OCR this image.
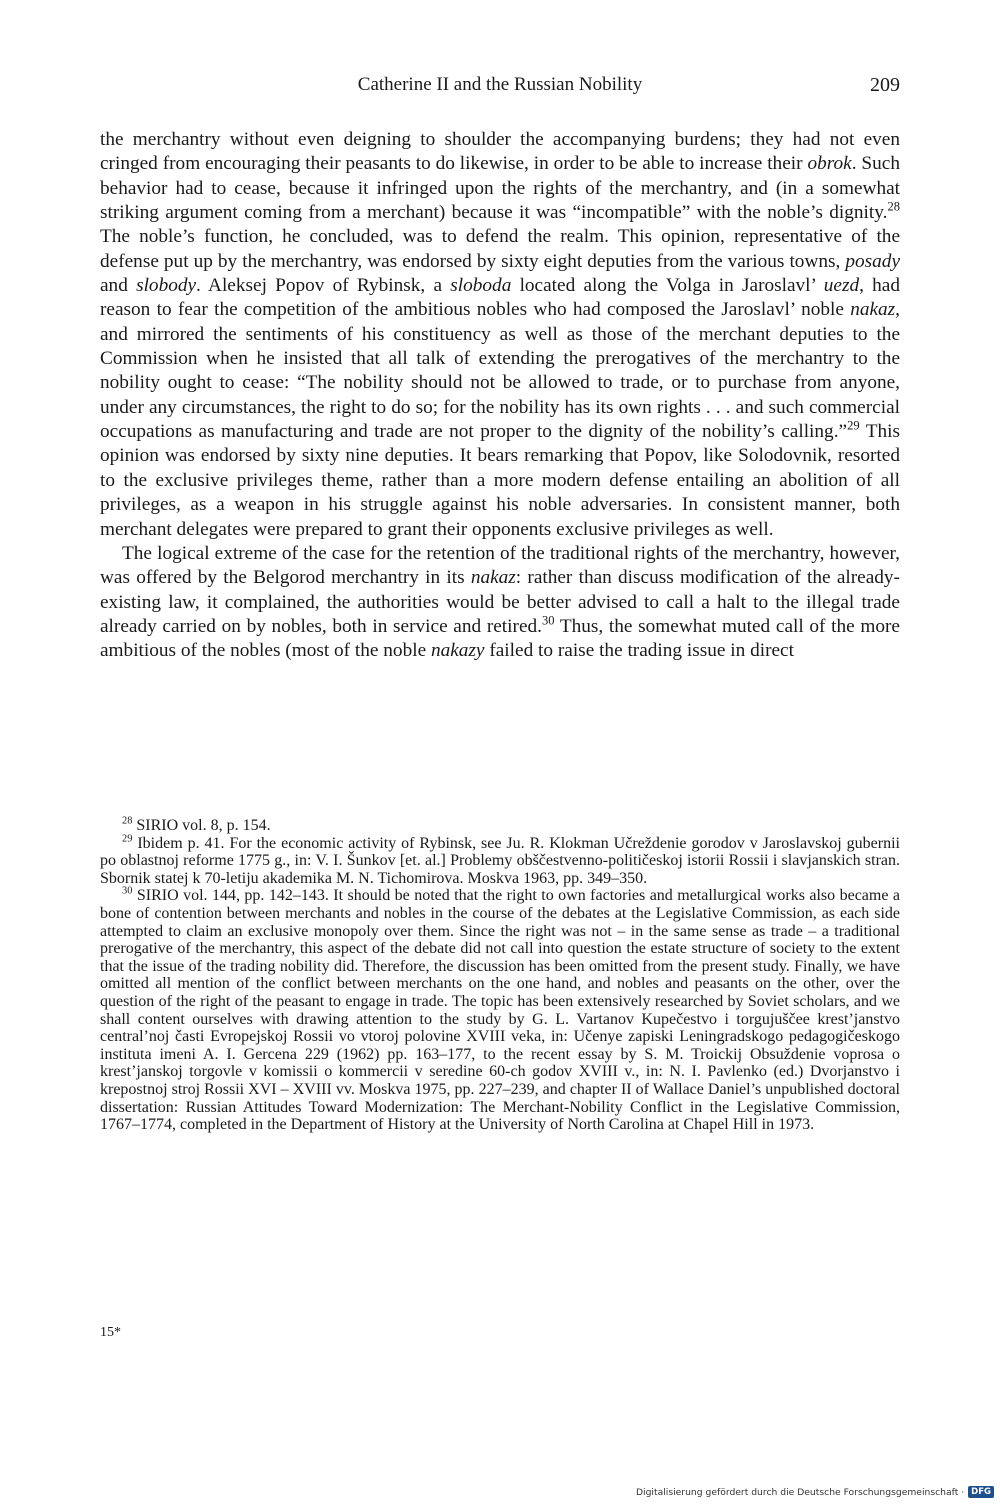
Catherine II and the Russian Nobility	209

the merchantry without even deigning to shoulder the accompanying burdens; they had not even cringed from encouraging their peasants to do likewise, in order to be able to increase their obrok. Such behavior had to cease, because it infringed upon the rights of the merchantry, and (in a somewhat striking argument coming from a merchant) because it was “incompatible” with the noble’s dignity.$^{28}$ The noble’s function, he concluded, was to defend the realm. This opinion, representative of the defense put up by the merchantry, was endorsed by sixty eight deputies from the various towns, posady and slobody. Aleksej Popov of Rybinsk, a sloboda located along the Volga in Jaroslavl’ uezd, had reason to fear the competition of the ambitious nobles who had composed the Jaroslavl’ noble nakaz, and mirrored the sentiments of his constituency as well as those of the merchant deputies to the Commission when he insisted that all talk of extending the prerogatives of the merchantry to the nobility ought to cease: “The nobility should not be allowed to trade, or to purchase from anyone, under any circumstances, the right to do so; for the nobility has its own rights . . . and such commercial occupations as manufacturing and trade are not proper to the dignity of the nobility’s calling.”$^{29}$ This opinion was endorsed by sixty nine deputies. It bears remarking that Popov, like Solodovnik, resorted to the exclusive privileges theme, rather than a more modern defense entailing an abolition of all privileges, as a weapon in his struggle against his noble adversaries. In consistent manner, both merchant delegates were prepared to grant their opponents exclusive privileges as well.

The logical extreme of the case for the retention of the traditional rights of the merchantry, however, was offered by the Belgorod merchantry in its nakaz: rather than discuss modification of the already-existing law, it complained, the authorities would be better advised to call a halt to the illegal trade already carried on by nobles, both in service and retired.$^{30}$ Thus, the somewhat muted call of the more ambitious of the nobles (most of the noble nakazy failed to raise the trading issue in direct

$^{28}$ SIRIO vol. 8, p. 154.

$^{29}$ Ibidem p. 41. For the economic activity of Rybinsk, see Ju. R. Klokman Učreždenie gorodov v Jaroslavskoj gubernii po oblastnoj reforme 1775 g., in: V. I. Šunkov [et. al.] Problemy obščestvenno-političeskoj istorii Rossii i slavjanskich stran. Sbornik statej k 70-letiju akademika M. N. Tichomirova. Moskva 1963, pp. 349–350.

$^{30}$ SIRIO vol. 144, pp. 142–143. It should be noted that the right to own factories and metallurgical works also became a bone of contention between merchants and nobles in the course of the debates at the Legislative Commission, as each side attempted to claim an exclusive monopoly over them. Since the right was not – in the same sense as trade – a traditional prerogative of the merchantry, this aspect of the debate did not call into question the estate structure of society to the extent that the issue of the trading nobility did. Therefore, the discussion has been omitted from the present study. Finally, we have omitted all mention of the conflict between merchants on the one hand, and nobles and peasants on the other, over the question of the right of the peasant to engage in trade. The topic has been extensively researched by Soviet scholars, and we shall content ourselves with drawing attention to the study by G. L. Vartanov Kupečestvo i torgujuščee krest’janstvo central’noj časti Evropejskoj Rossii vo vtoroj polovine XVIII veka, in: Učenye zapiski Leningradskogo pedagogičeskogo instituta imeni A. I. Gercena 229 (1962) pp. 163–177, to the recent essay by S. M. Troickij Obsuždenie voprosa o krest’janskoj torgovle v komissii o kommercii v seredine 60-ch godov XVIII v., in: N. I. Pavlenko (ed.) Dvorjanstvo i krepostnoj stroj Rossii XVI – XVIII vv. Moskva 1975, pp. 227–239, and chapter II of Wallace Daniel’s unpublished doctoral dissertation: Russian Attitudes Toward Modernization: The Merchant-Nobility Conflict in the Legislative Commission, 1767–1774, completed in the Department of History at the University of North Carolina at Chapel Hill in 1973.

15*
Digitalisierung gefördert durch die Deutsche Forschungsgemeinschaft · DFG
